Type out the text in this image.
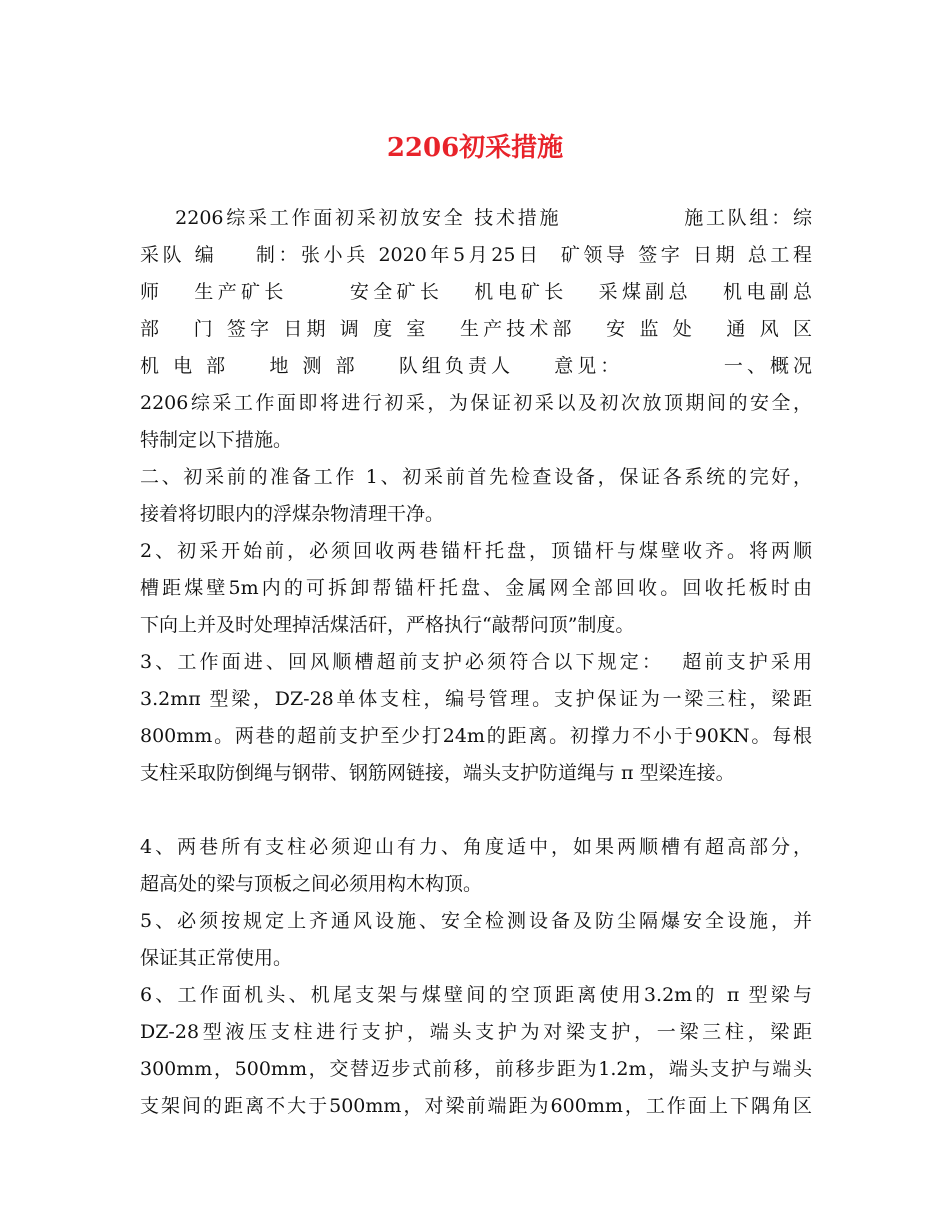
2206初采措施
2206综采工作面初采初放安全 技术措施              施工队组：综
采队 编    制：张小兵 2020年5月25日  矿领导 签字 日期 总工程
师   生产矿长      安全矿长   机电矿长   采煤副总   机电副总
部   门 签字 日期 调 度 室   生产技术部   安 监 处   通 风 区
机 电 部    地 测 部    队组负责人    意见：          一、概况
2206综采工作面即将进行初采，为保证初采以及初次放顶期间的安全，
特制定以下措施。
二、初采前的准备工作 1、初采前首先检查设备，保证各系统的完好，
接着将切眼内的浮煤杂物清理干净。
2、初采开始前，必须回收两巷锚杆托盘，顶锚杆与煤壁收齐。将两顺
槽距煤壁5m内的可拆卸帮锚杆托盘、金属网全部回收。回收托板时由
下向上并及时处理掉活煤活矸，严格执行“敲帮问顶”制度。
3、工作面进、回风顺槽超前支护必须符合以下规定：  超前支护采用
3.2mπ 型梁，DZ-28单体支柱，编号管理。支护保证为一梁三柱，梁距
800mm。两巷的超前支护至少打24m的距离。初撑力不小于90KN。每根
支柱采取防倒绳与钢带、钢筋网链接，端头支护防道绳与 π 型梁连接。
4、两巷所有支柱必须迎山有力、角度适中，如果两顺槽有超高部分，
超高处的梁与顶板之间必须用构木构顶。
5、必须按规定上齐通风设施、安全检测设备及防尘隔爆安全设施，并
保证其正常使用。
6、工作面机头、机尾支架与煤壁间的空顶距离使用3.2m的 π 型梁与
DZ-28型液压支柱进行支护，端头支护为对梁支护，一梁三柱，梁距
300mm，500mm，交替迈步式前移，前移步距为1.2m，端头支护与端头
支架间的距离不大于500mm，对梁前端距为600mm，工作面上下隅角区
